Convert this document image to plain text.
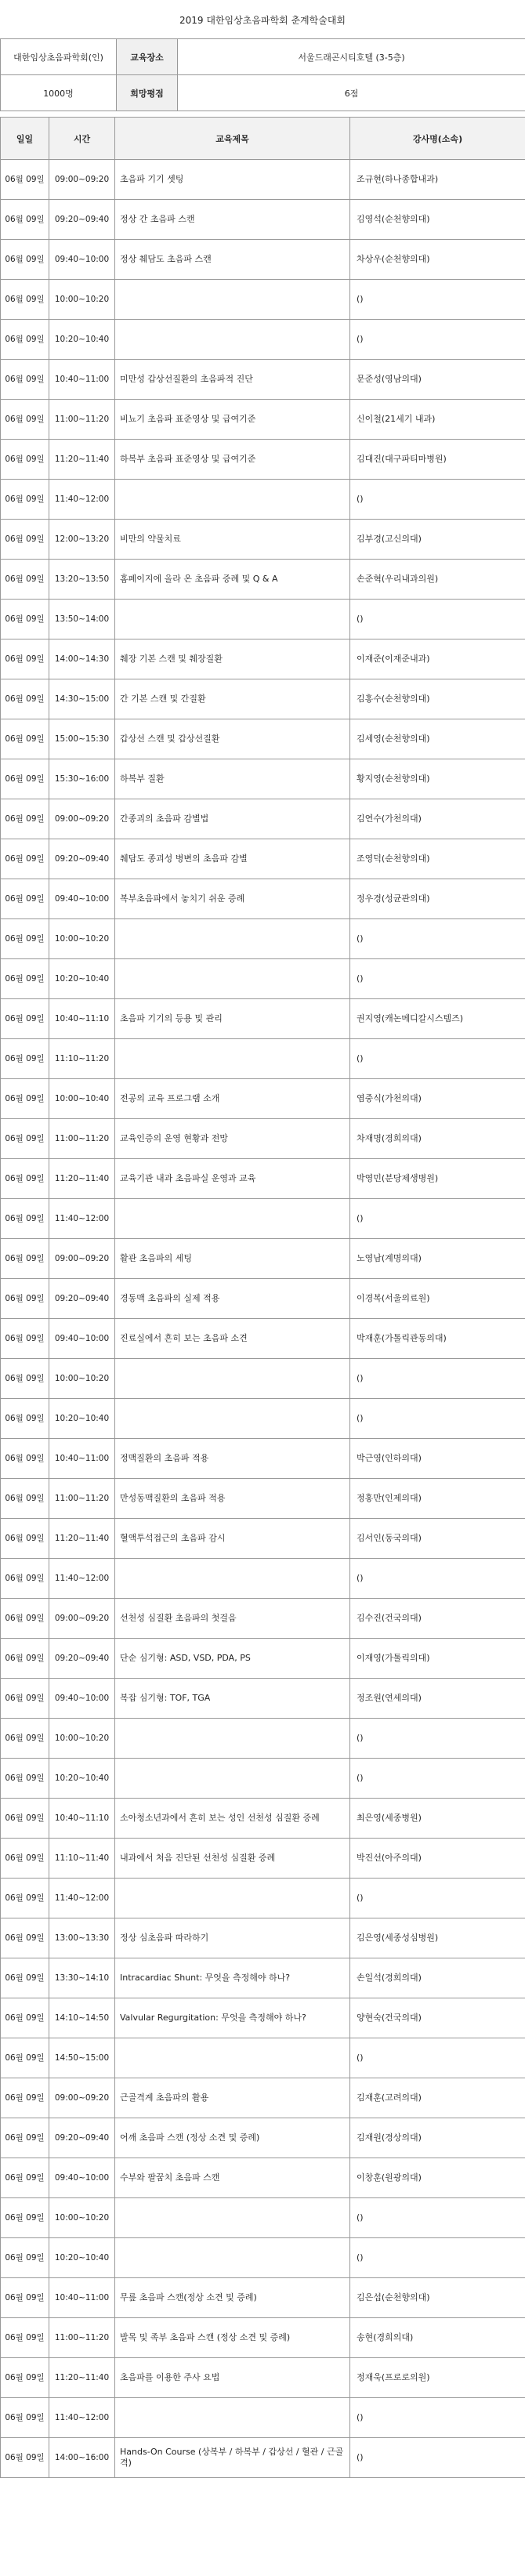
2019 대한임상초음파학회 춘계학술대회
대한임상초음파학회(인)	교육장소	서울드래곤시티호텔 (3-5층)
1000명	희망평점	6점
일일	시간	교육제목	강사명(소속)
06월 09일	09:00~09:20	초음파 기기 셋팅	조규현(하나종합내과)
06월 09일	09:20~09:40	정상 간 초음파 스캔	김영석(순천향의대)
06월 09일	09:40~10:00	정상 췌담도 초음파 스캔	차상우(순천향의대)
06월 09일	10:00~10:20		()
06월 09일	10:20~10:40		()
06월 09일	10:40~11:00	미만성 갑상선질환의 초음파적 진단	문준성(영남의대)
06월 09일	11:00~11:20	비뇨기 초음파 표준영상 및 급여기준	신이철(21세기 내과)
06월 09일	11:20~11:40	하복부 초음파 표준영상 및 급여기준	김대진(대구파티마병원)
06월 09일	11:40~12:00		()
06월 09일	12:00~13:20	비만의 약물치료	김부경(고신의대)
06월 09일	13:20~13:50	홈페이지에 올라 온 초음파 증례 및 Q & A	손준혁(우리내과의원)
06월 09일	13:50~14:00		()
06월 09일	14:00~14:30	췌장 기본 스캔 및 췌장질환	이재준(이재준내과)
06월 09일	14:30~15:00	간 기본 스캔 및 간질환	김홍수(순천향의대)
06월 09일	15:00~15:30	갑상선 스캔 및 갑상선질환	김세영(순천향의대)
06월 09일	15:30~16:00	하복부 질환	황지영(순천향의대)
06월 09일	09:00~09:20	간종괴의 초음파 감별법	김연수(가천의대)
06월 09일	09:20~09:40	췌담도 종괴성 병변의 초음파 감별	조영덕(순천향의대)
06월 09일	09:40~10:00	복부초음파에서 놓치기 쉬운 증례	정우경(성균관의대)
06월 09일	10:00~10:20		()
06월 09일	10:20~10:40		()
06월 09일	10:40~11:10	초음파 기기의 등용 및 관리	권지영(캐논메디칼시스템즈)
06월 09일	11:10~11:20		()
06월 09일	10:00~10:40	전공의 교육 프로그램 소개	염중식(가천의대)
06월 09일	11:00~11:20	교육인증의 운영 현황과 전망	차재명(경희의대)
06월 09일	11:20~11:40	교육기관 내과 초음파실 운영과 교육	박영민(분당제생병원)
06월 09일	11:40~12:00		()
06월 09일	09:00~09:20	활관 초음파의 세팅	노영남(계명의대)
06월 09일	09:20~09:40	경동맥 초음파의 실제 적용	이경복(서울의료원)
06월 09일	09:40~10:00	진료실에서 흔히 보는 초음파 소견	박재훈(가톨릭관동의대)
06월 09일	10:00~10:20		()
06월 09일	10:20~10:40		()
06월 09일	10:40~11:00	정맥질환의 초음파 적용	박근영(인하의대)
06월 09일	11:00~11:20	만성동맥질환의 초음파 적용	정홍만(인제의대)
06월 09일	11:20~11:40	혈액투석접근의 초음파 감시	김서인(동국의대)
06월 09일	11:40~12:00		()
06월 09일	09:00~09:20	선천성 심질환 초음파의 첫걸음	김수진(건국의대)
06월 09일	09:20~09:40	단순 심기형: ASD, VSD, PDA, PS	이재영(가톨릭의대)
06월 09일	09:40~10:00	복잡 심기형: TOF, TGA	정조원(연세의대)
06월 09일	10:00~10:20		()
06월 09일	10:20~10:40		()
06월 09일	10:40~11:10	소아청소년과에서 흔히 보는 성인 선천성 심질환 증례	최은영(세종병원)
06월 09일	11:10~11:40	내과에서 처음 진단된 선천성 심질환 증례	박진선(아주의대)
06월 09일	11:40~12:00		()
06월 09일	13:00~13:30	정상 심초음파 따라하기	김은영(세종성심병원)
06월 09일	13:30~14:10	Intracardiac Shunt: 무엇을 측정해야 하나?	손일석(경희의대)
06월 09일	14:10~14:50	Valvular Regurgitation: 무엇을 측정해야 하나?	양현숙(건국의대)
06월 09일	14:50~15:00		()
06월 09일	09:00~09:20	근골격계 초음파의 활용	김재훈(고려의대)
06월 09일	09:20~09:40	어깨 초음파 스캔 (정상 소견 및 증례)	김재원(경상의대)
06월 09일	09:40~10:00	수부와 팔꿈치 초음파 스캔	이창훈(원광의대)
06월 09일	10:00~10:20		()
06월 09일	10:20~10:40		()
06월 09일	10:40~11:00	무릎 초음파 스캔(정상 소견 및 증례)	김은섭(순천향의대)
06월 09일	11:00~11:20	발목 및 족부 초음파 스캔 (정상 소견 및 증례)	송현(경희의대)
06월 09일	11:20~11:40	초음파를 이용한 주사 요법	정재욱(프로로의원)
06월 09일	11:40~12:00		()
06월 09일	14:00~16:00	Hands-On Course (상복부 / 하복부 / 갑상선 / 혈관 / 근골격)	()
